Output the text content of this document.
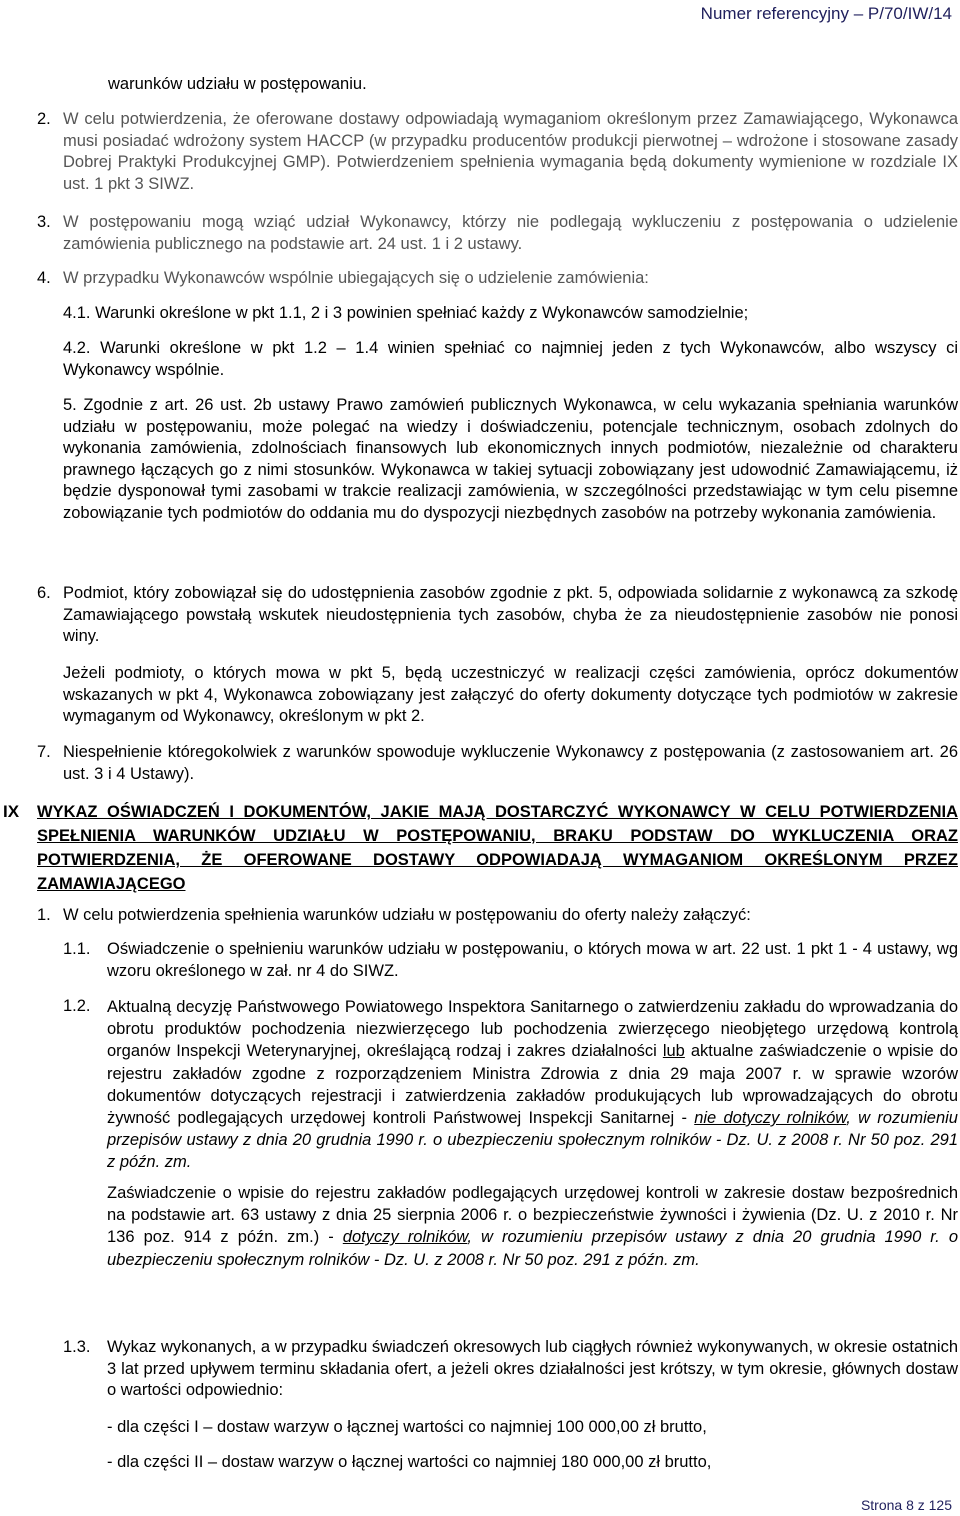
Numer referencyjny – P/70/IW/14
warunków udziału w postępowaniu.
2. W celu potwierdzenia, że oferowane dostawy odpowiadają wymaganiom określonym przez Zamawiającego, Wykonawca musi posiadać wdrożony system HACCP (w przypadku producentów produkcji pierwotnej – wdrożone i stosowane zasady Dobrej Praktyki Produkcyjnej GMP). Potwierdzeniem spełnienia wymagania będą dokumenty wymienione w rozdziale IX ust. 1 pkt 3 SIWZ.
3. W postępowaniu mogą wziąć udział Wykonawcy, którzy nie podlegają wykluczeniu z postępowania o udzielenie zamówienia publicznego na podstawie art. 24 ust. 1 i 2 ustawy.
4. W przypadku Wykonawców wspólnie ubiegających się o udzielenie zamówienia:
4.1. Warunki określone w pkt 1.1, 2 i 3 powinien spełniać każdy z Wykonawców samodzielnie;
4.2. Warunki określone w pkt 1.2 – 1.4 winien spełniać co najmniej jeden z tych Wykonawców, albo wszyscy ci Wykonawcy wspólnie.
5. Zgodnie z art. 26 ust. 2b ustawy Prawo zamówień publicznych Wykonawca, w celu wykazania spełniania warunków udziału w postępowaniu, może polegać na wiedzy i doświadczeniu, potencjale technicznym, osobach zdolnych do wykonania zamówienia, zdolnościach finansowych lub ekonomicznych innych podmiotów, niezależnie od charakteru prawnego łączących go z nimi stosunków. Wykonawca w takiej sytuacji zobowiązany jest udowodnić Zamawiającemu, iż będzie dysponował tymi zasobami w trakcie realizacji zamówienia, w szczególności przedstawiając w tym celu pisemne zobowiązanie tych podmiotów do oddania mu do dyspozycji niezbędnych zasobów na potrzeby wykonania zamówienia.
6. Podmiot, który zobowiązał się do udostępnienia zasobów zgodnie z pkt. 5, odpowiada solidarnie z wykonawcą za szkodę Zamawiającego powstałą wskutek nieudostępnienia tych zasobów, chyba że za nieudostępnienie zasobów nie ponosi winy.
Jeżeli podmioty, o których mowa w pkt 5, będą uczestniczyć w realizacji części zamówienia, oprócz dokumentów wskazanych w pkt 4, Wykonawca zobowiązany jest załączyć do oferty dokumenty dotyczące tych podmiotów w zakresie wymaganym od Wykonawcy, określonym w pkt 2.
7. Niespełnienie któregokolwiek z warunków spowoduje wykluczenie Wykonawcy z postępowania (z zastosowaniem art. 26 ust. 3 i 4 Ustawy).
IX WYKAZ OŚWIADCZEŃ I DOKUMENTÓW, JAKIE MAJĄ DOSTARCZYĆ WYKONAWCY W CELU POTWIERDZENIA SPEŁNIENIA WARUNKÓW UDZIAŁU W POSTĘPOWANIU, BRAKU PODSTAW DO WYKLUCZENIA ORAZ POTWIERDZENIA, ŻE OFEROWANE DOSTAWY ODPOWIADAJĄ WYMAGANIOM OKREŚLONYM PRZEZ ZAMAWIAJĄCEGO
1. W celu potwierdzenia spełnienia warunków udziału w postępowaniu do oferty należy załączyć:
1.1. Oświadczenie o spełnieniu warunków udziału w postępowaniu, o których mowa w art. 22 ust. 1 pkt 1 - 4 ustawy, wg wzoru określonego w zał. nr 4 do SIWZ.
1.2. Aktualną decyzję Państwowego Powiatowego Inspektora Sanitarnego o zatwierdzeniu zakładu do wprowadzania do obrotu produktów pochodzenia niezwierzęcego lub pochodzenia zwierzęcego nieobjętego urzędową kontrolą organów Inspekcji Weterynaryjnej, określającą rodzaj i zakres działalności lub aktualne zaświadczenie o wpisie do rejestru zakładów zgodne z rozporządzeniem Ministra Zdrowia z dnia 29 maja 2007 r. w sprawie wzorów dokumentów dotyczących rejestracji i zatwierdzenia zakładów produkujących lub wprowadzających do obrotu żywność podlegających urzędowej kontroli Państwowej Inspekcji Sanitarnej - nie dotyczy rolników, w rozumieniu przepisów ustawy z dnia 20 grudnia 1990 r. o ubezpieczeniu społecznym rolników - Dz. U. z 2008 r. Nr 50 poz. 291 z późn. zm.
Zaświadczenie o wpisie do rejestru zakładów podlegających urzędowej kontroli w zakresie dostaw bezpośrednich na podstawie art. 63 ustawy z dnia 25 sierpnia 2006 r. o bezpieczeństwie żywności i żywienia (Dz. U. z 2010 r. Nr 136 poz. 914 z późn. zm.) - dotyczy rolników, w rozumieniu przepisów ustawy z dnia 20 grudnia 1990 r. o ubezpieczeniu społecznym rolników - Dz. U. z 2008 r. Nr 50 poz. 291 z późn. zm.
1.3. Wykaz wykonanych, a w przypadku świadczeń okresowych lub ciągłych również wykonywanych, w okresie ostatnich 3 lat przed upływem terminu składania ofert, a jeżeli okres działalności jest krótszy, w tym okresie, głównych dostaw o wartości odpowiednio:
- dla części I – dostaw warzyw o łącznej wartości co najmniej 100 000,00 zł brutto,
- dla części II – dostaw warzyw o łącznej wartości co najmniej 180 000,00 zł brutto,
Strona 8 z 125
